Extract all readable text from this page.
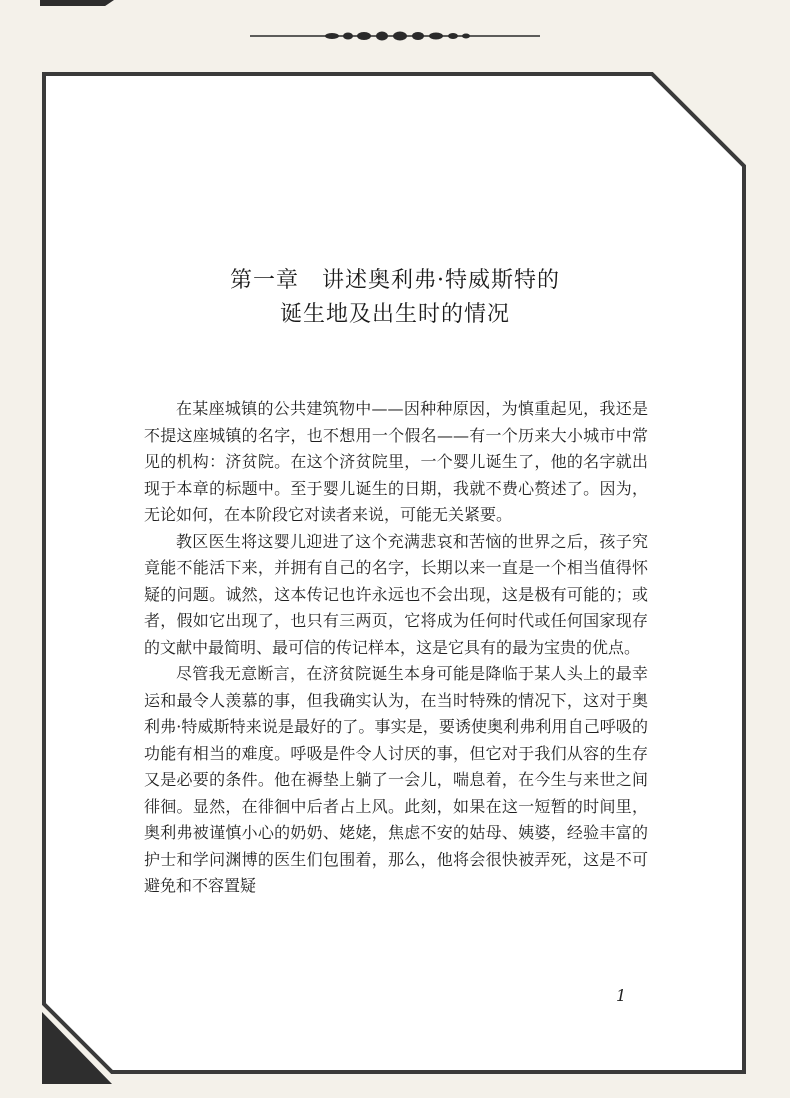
第一章　讲述奥利弗·特威斯特的
诞生地及出生时的情况

在某座城镇的公共建筑物中——因种种原因，为慎重起见，我还是不提这座城镇的名字，也不想用一个假名——有一个历来大小城市中常见的机构：济贫院。在这个济贫院里，一个婴儿诞生了，他的名字就出现于本章的标题中。至于婴儿诞生的日期，我就不费心赘述了。因为，无论如何，在本阶段它对读者来说，可能无关紧要。

教区医生将这婴儿迎进了这个充满悲哀和苦恼的世界之后，孩子究竟能不能活下来，并拥有自己的名字，长期以来一直是一个相当值得怀疑的问题。诚然，这本传记也许永远也不会出现，这是极有可能的；或者，假如它出现了，也只有三两页，它将成为任何时代或任何国家现存的文献中最简明、最可信的传记样本，这是它具有的最为宝贵的优点。

尽管我无意断言，在济贫院诞生本身可能是降临于某人头上的最幸运和最令人羡慕的事，但我确实认为，在当时特殊的情况下，这对于奥利弗·特威斯特来说是最好的了。事实是，要诱使奥利弗利用自己呼吸的功能有相当的难度。呼吸是件令人讨厌的事，但它对于我们从容的生存又是必要的条件。他在褥垫上躺了一会儿，喘息着，在今生与来世之间徘徊。显然，在徘徊中后者占上风。此刻，如果在这一短暂的时间里，奥利弗被谨慎小心的奶奶、姥姥，焦虑不安的姑母、姨婆，经验丰富的护士和学问渊博的医生们包围着，那么，他将会很快被弄死，这是不可避免和不容置疑

1
